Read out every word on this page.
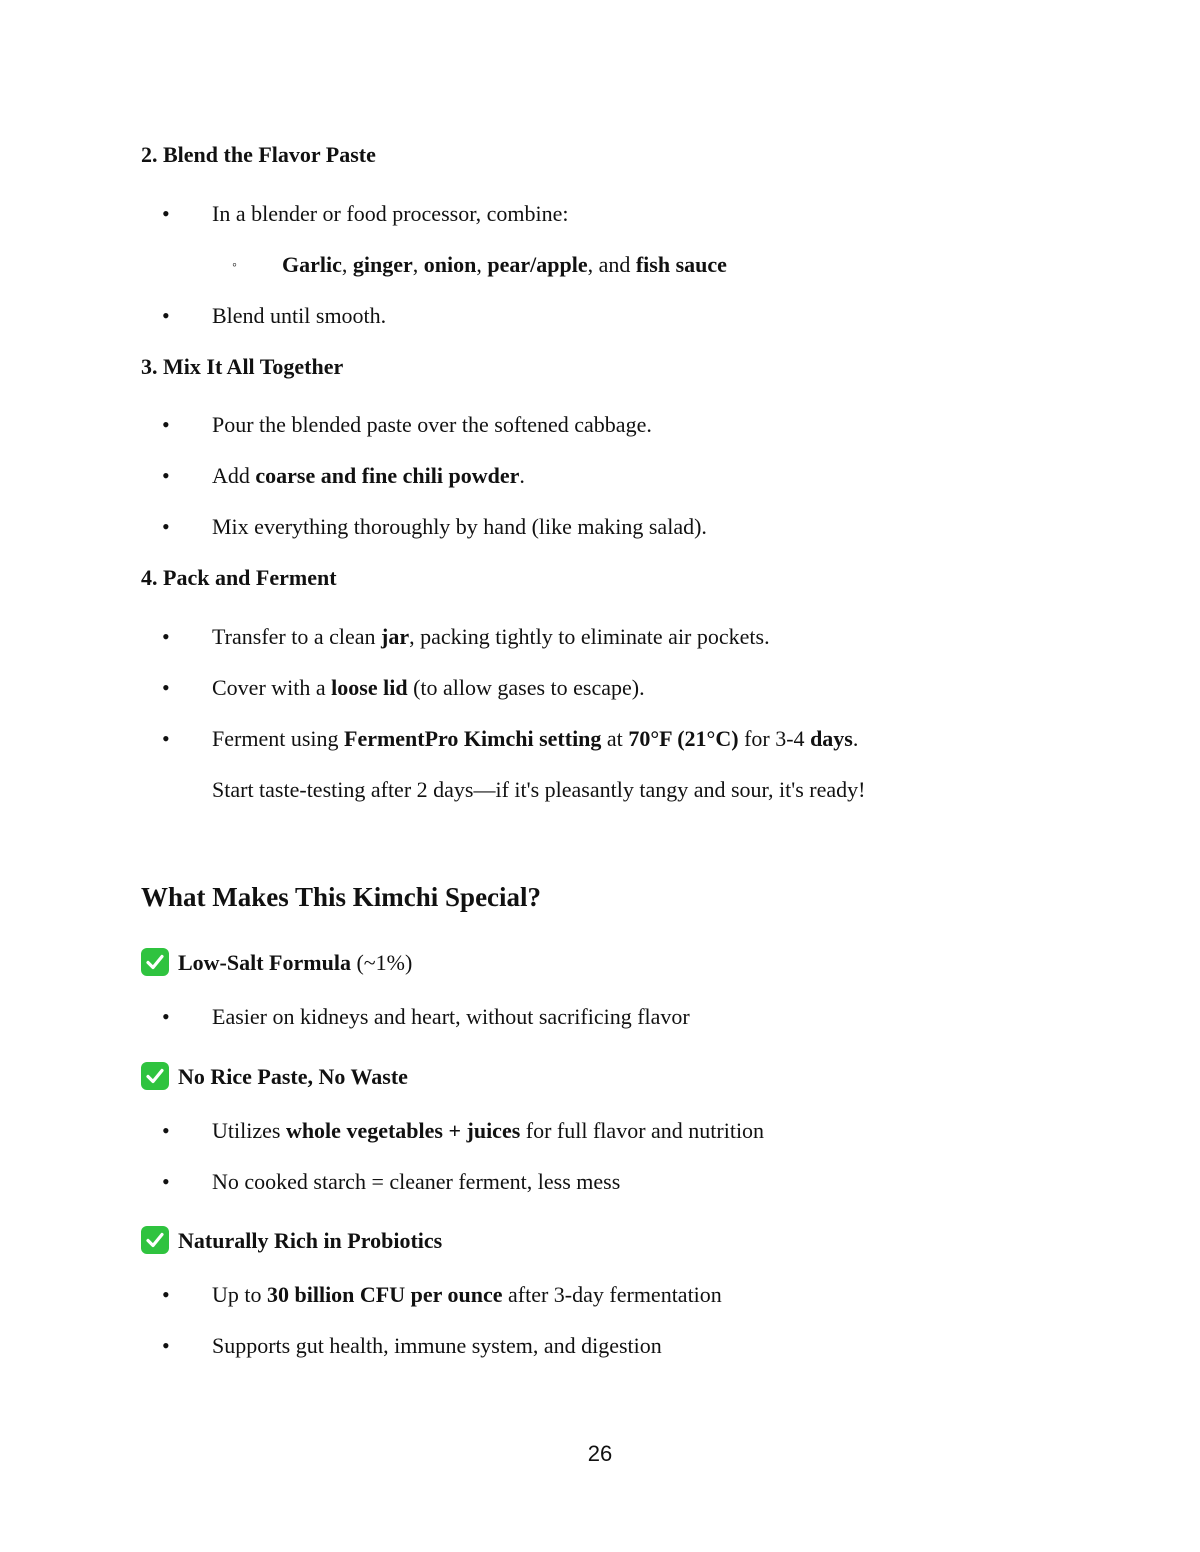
2. Blend the Flavor Paste
• In a blender or food processor, combine:
◦ Garlic, ginger, onion, pear/apple, and fish sauce
• Blend until smooth.
3. Mix It All Together
• Pour the blended paste over the softened cabbage.
• Add coarse and fine chili powder.
• Mix everything thoroughly by hand (like making salad).
4. Pack and Ferment
• Transfer to a clean jar, packing tightly to eliminate air pockets.
• Cover with a loose lid (to allow gases to escape).
• Ferment using FermentPro Kimchi setting at 70°F (21°C) for 3-4 days.
Start taste-testing after 2 days—if it's pleasantly tangy and sour, it's ready!
What Makes This Kimchi Special?
Low-Salt Formula (~1%)
• Easier on kidneys and heart, without sacrificing flavor
No Rice Paste, No Waste
• Utilizes whole vegetables + juices for full flavor and nutrition
• No cooked starch = cleaner ferment, less mess
Naturally Rich in Probiotics
• Up to 30 billion CFU per ounce after 3-day fermentation
• Supports gut health, immune system, and digestion
26
